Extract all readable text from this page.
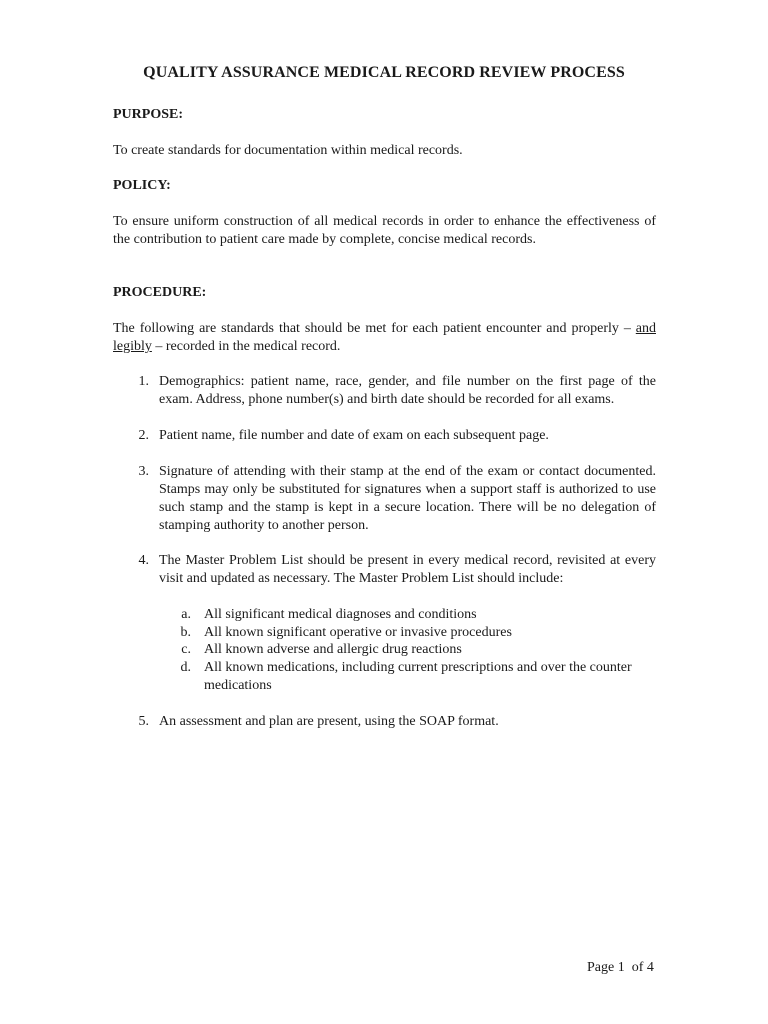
QUALITY ASSURANCE MEDICAL RECORD REVIEW PROCESS
PURPOSE:
To create standards for documentation within medical records.
POLICY:
To ensure uniform construction of all medical records in order to enhance the effectiveness of the contribution to patient care made by complete, concise medical records.
PROCEDURE:
The following are standards that should be met for each patient encounter and properly – and legibly – recorded in the medical record.
1. Demographics: patient name, race, gender, and file number on the first page of the exam. Address, phone number(s) and birth date should be recorded for all exams.
2. Patient name, file number and date of exam on each subsequent page.
3. Signature of attending with their stamp at the end of the exam or contact documented. Stamps may only be substituted for signatures when a support staff is authorized to use such stamp and the stamp is kept in a secure location. There will be no delegation of stamping authority to another person.
4. The Master Problem List should be present in every medical record, revisited at every visit and updated as necessary. The Master Problem List should include:
a. All significant medical diagnoses and conditions
b. All known significant operative or invasive procedures
c. All known adverse and allergic drug reactions
d. All known medications, including current prescriptions and over the counter medications
5. An assessment and plan are present, using the SOAP format.
Page 1  of 4
